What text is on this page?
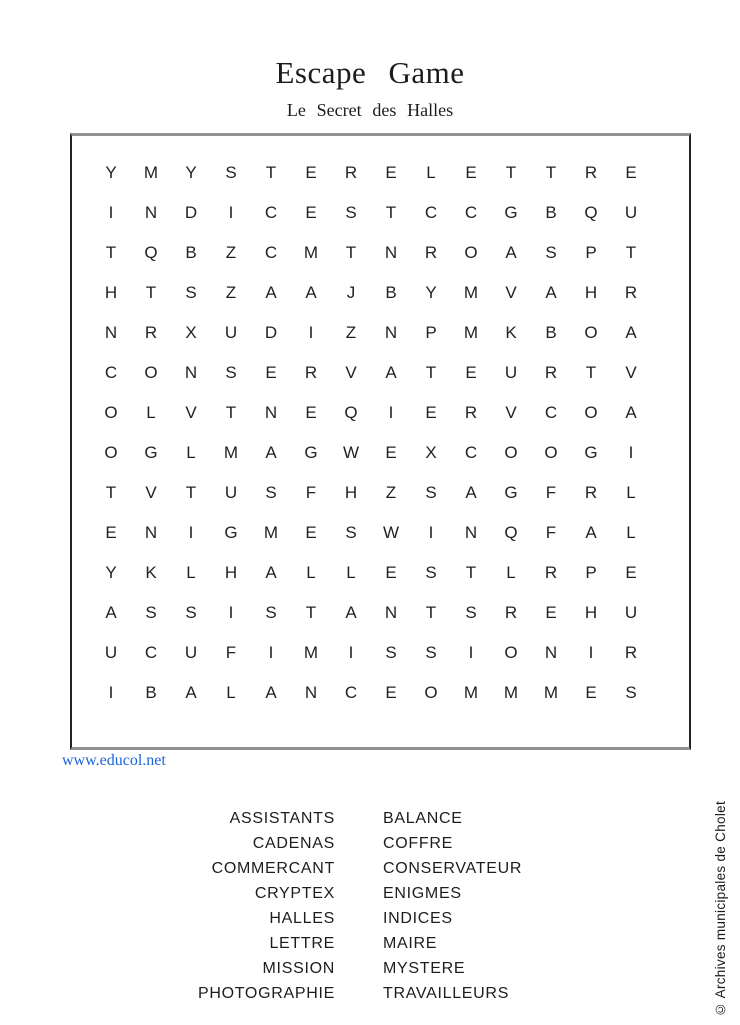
Escape Game
Le Secret des Halles
Y	M	Y	S	T	E	R	E	L	E	T	T	R	E
I	N	D	I	C	E	S	T	C	C	G	B	Q	U
T	Q	B	Z	C	M	T	N	R	O	A	S	P	T
H	T	S	Z	A	A	J	B	Y	M	V	A	H	R
N	R	X	U	D	I	Z	N	P	M	K	B	O	A
C	O	N	S	E	R	V	A	T	E	U	R	T	V
O	L	V	T	N	E	Q	I	E	R	V	C	O	A
O	G	L	M	A	G	W	E	X	C	O	O	G	I
T	V	T	U	S	F	H	Z	S	A	G	F	R	L
E	N	I	G	M	E	S	W	I	N	Q	F	A	L
Y	K	L	H	A	L	L	E	S	T	L	R	P	E
A	S	S	I	S	T	A	N	T	S	R	E	H	U
U	C	U	F	I	M	I	S	S	I	O	N	I	R
I	B	A	L	A	N	C	E	O	M	M	M	E	S
www.educol.net
ASSISTANTS
CADENAS
COMMERCANT
CRYPTEX
HALLES
LETTRE
MISSION
PHOTOGRAPHIE
BALANCE
COFFRE
CONSERVATEUR
ENIGMES
INDICES
MAIRE
MYSTERE
TRAVAILLEURS	© Archives municipales de Cholet
